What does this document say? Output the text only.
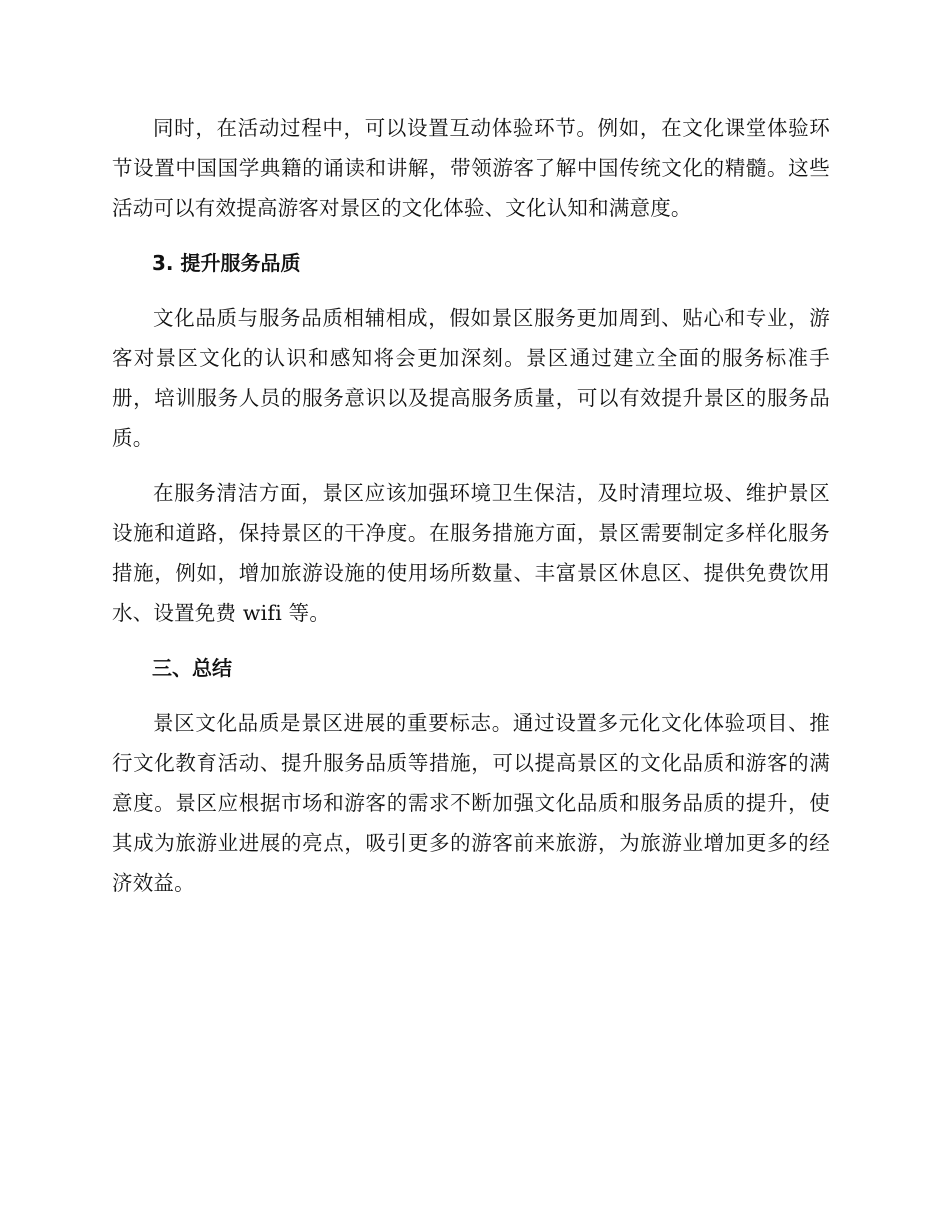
同时，在活动过程中，可以设置互动体验环节。例如，在文化课堂体验环节设置中国国学典籍的诵读和讲解，带领游客了解中国传统文化的精髓。这些活动可以有效提高游客对景区的文化体验、文化认知和满意度。

3. 提升服务品质

文化品质与服务品质相辅相成，假如景区服务更加周到、贴心和专业，游客对景区文化的认识和感知将会更加深刻。景区通过建立全面的服务标准手册，培训服务人员的服务意识以及提高服务质量，可以有效提升景区的服务品质。

在服务清洁方面，景区应该加强环境卫生保洁，及时清理垃圾、维护景区设施和道路，保持景区的干净度。在服务措施方面，景区需要制定多样化服务措施，例如，增加旅游设施的使用场所数量、丰富景区休息区、提供免费饮用水、设置免费 wifi 等。

三、总结

景区文化品质是景区进展的重要标志。通过设置多元化文化体验项目、推行文化教育活动、提升服务品质等措施，可以提高景区的文化品质和游客的满意度。景区应根据市场和游客的需求不断加强文化品质和服务品质的提升，使其成为旅游业进展的亮点，吸引更多的游客前来旅游，为旅游业增加更多的经济效益。
